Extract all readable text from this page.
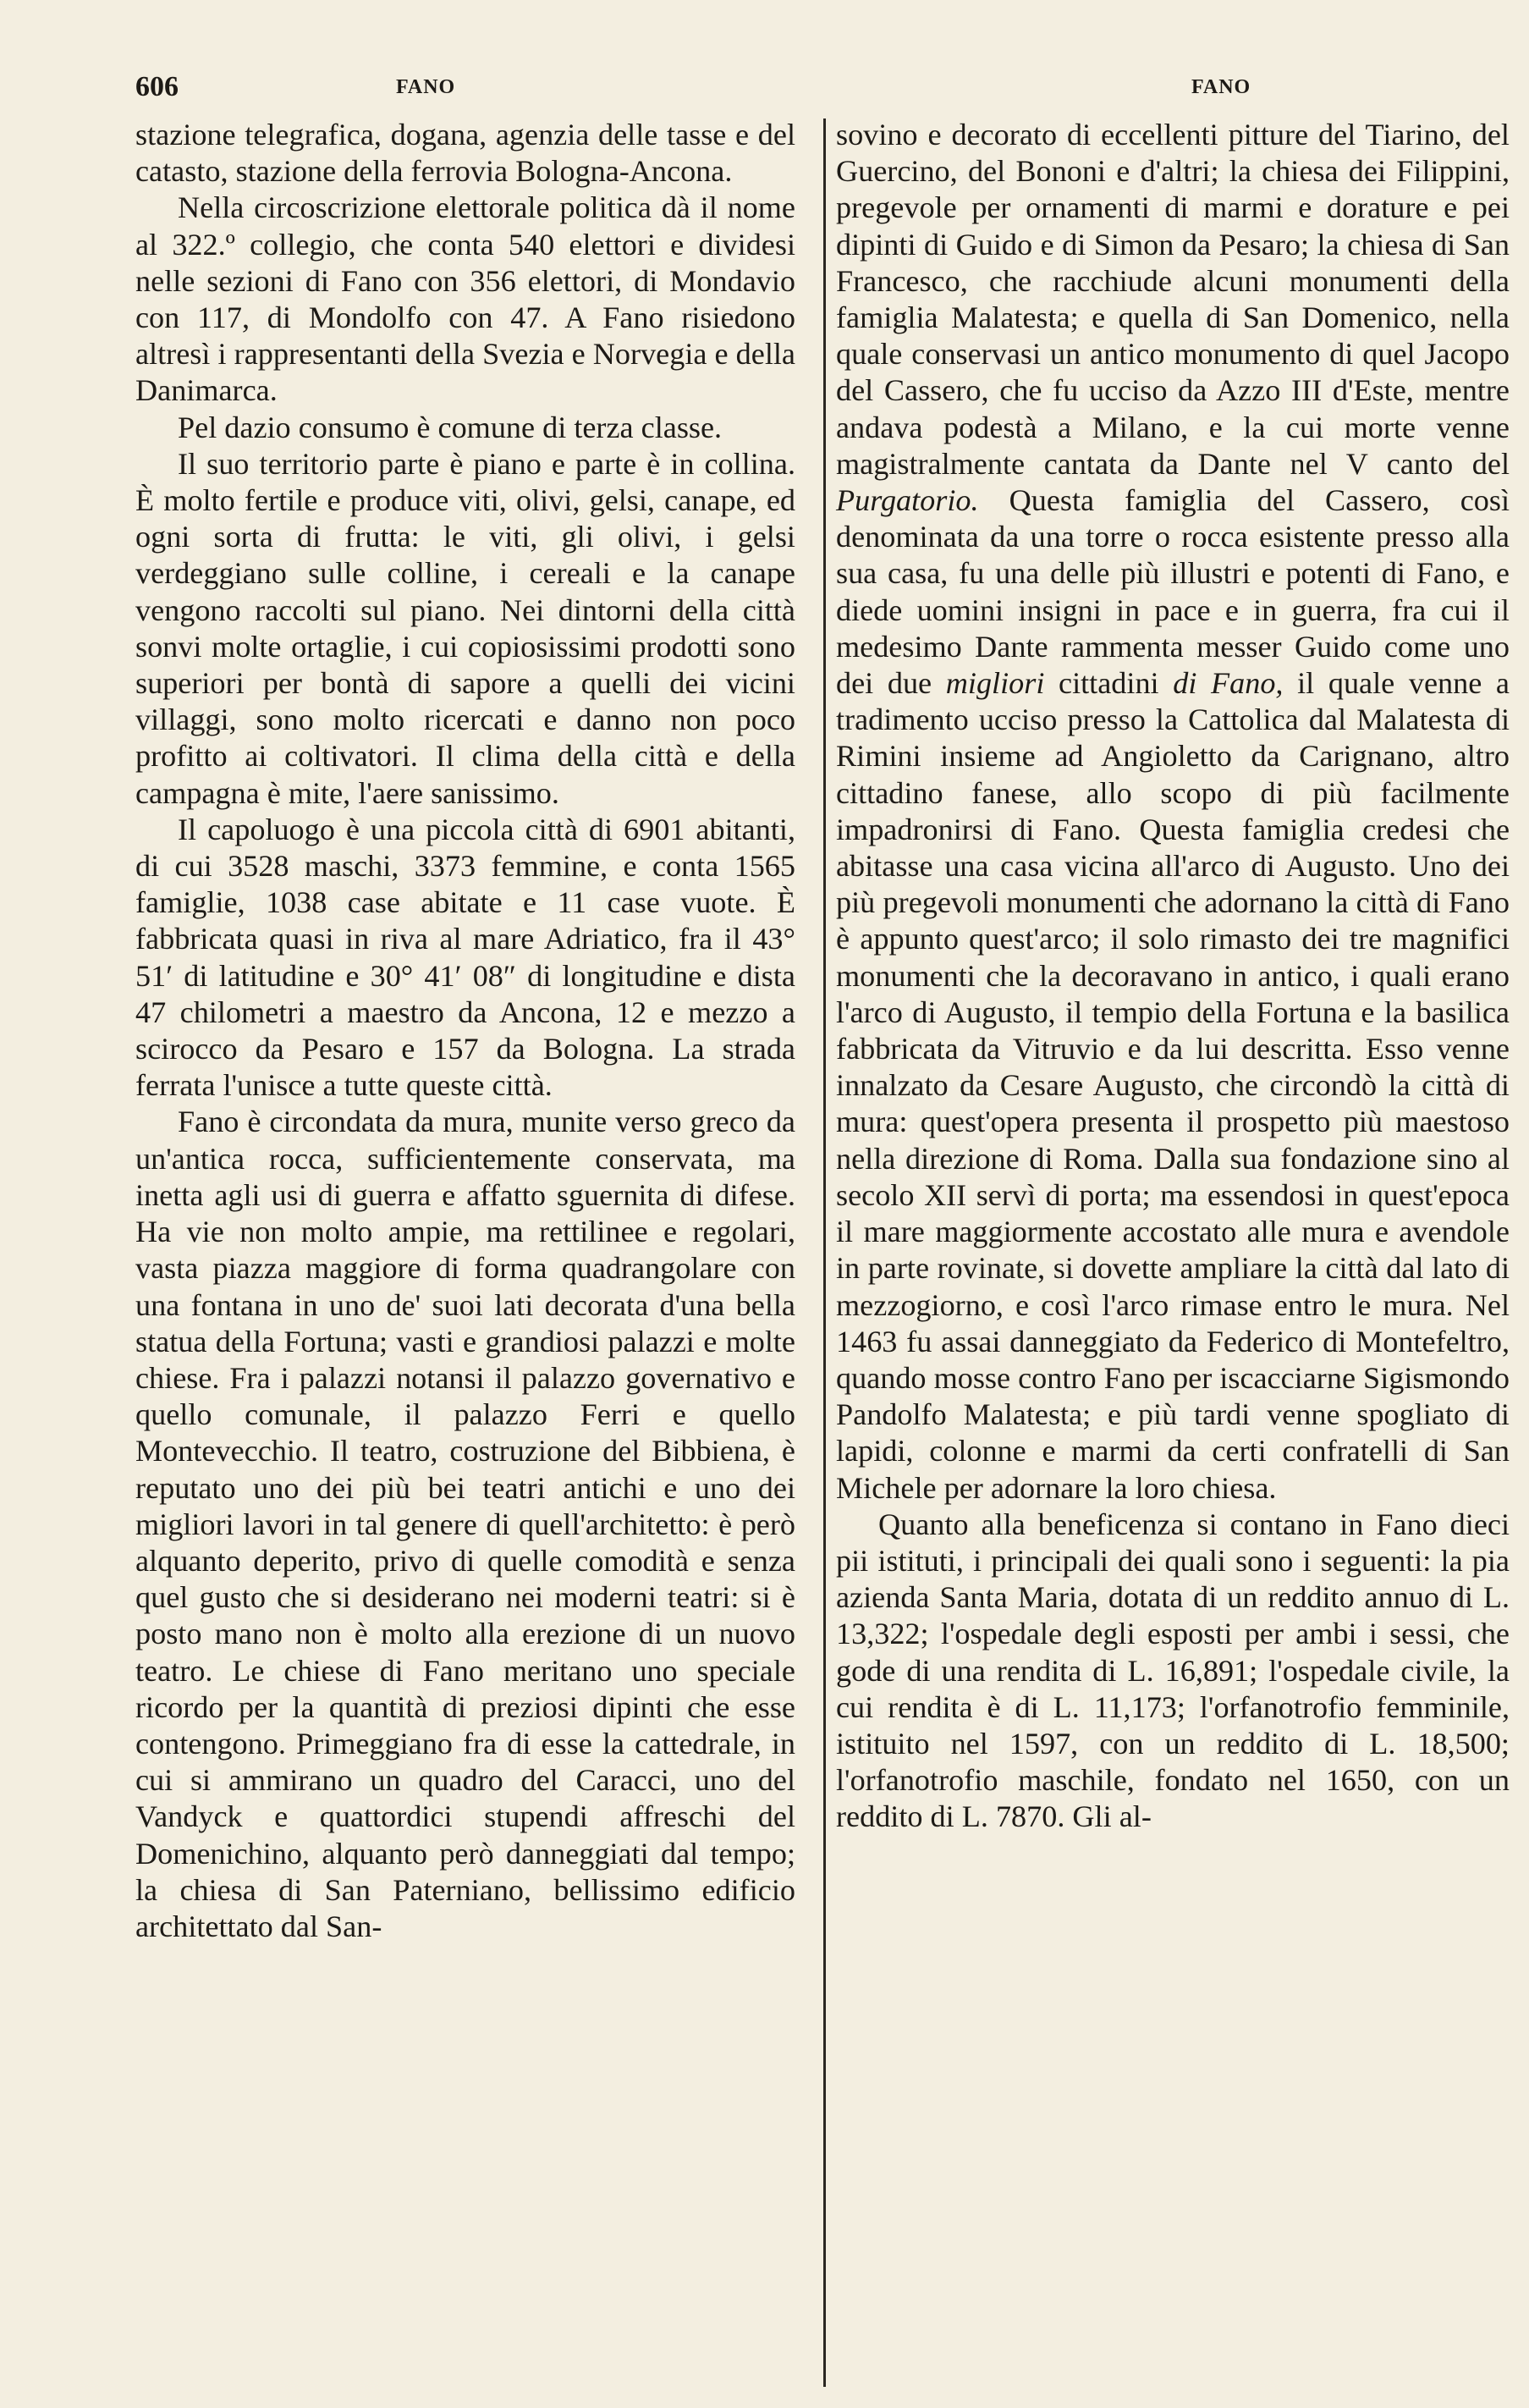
606	FANO	FANO

stazione telegrafica, dogana, agenzia delle tasse e del catasto, stazione della ferrovia Bologna-Ancona.

Nella circoscrizione elettorale politica dà il nome al 322.º collegio, che conta 540 elettori e dividesi nelle sezioni di Fano con 356 elettori, di Mondavio con 117, di Mondolfo con 47. A Fano risiedono altresì i rappresentanti della Svezia e Norvegia e della Danimarca.

Pel dazio consumo è comune di terza classe.

Il suo territorio parte è piano e parte è in collina. È molto fertile e produce viti, olivi, gelsi, canape, ed ogni sorta di frutta: le viti, gli olivi, i gelsi verdeggiano sulle colline, i cereali e la canape vengono raccolti sul piano. Nei dintorni della città sonvi molte ortaglie, i cui copiosissimi prodotti sono superiori per bontà di sapore a quelli dei vicini villaggi, sono molto ricercati e danno non poco profitto ai coltivatori. Il clima della città e della campagna è mite, l'aere sanissimo.

Il capoluogo è una piccola città di 6901 abitanti, di cui 3528 maschi, 3373 femmine, e conta 1565 famiglie, 1038 case abitate e 11 case vuote. È fabbricata quasi in riva al mare Adriatico, fra il 43° 51′ di latitudine e 30° 41′ 08″ di longitudine e dista 47 chilometri a maestro da Ancona, 12 e mezzo a scirocco da Pesaro e 157 da Bologna. La strada ferrata l'unisce a tutte queste città.

Fano è circondata da mura, munite verso greco da un'antica rocca, sufficientemente conservata, ma inetta agli usi di guerra e affatto sguernita di difese. Ha vie non molto ampie, ma rettilinee e regolari, vasta piazza maggiore di forma quadrangolare con una fontana in uno de' suoi lati decorata d'una bella statua della Fortuna; vasti e grandiosi palazzi e molte chiese. Fra i palazzi notansi il palazzo governativo e quello comunale, il palazzo Ferri e quello Montevecchio. Il teatro, costruzione del Bibbiena, è reputato uno dei più bei teatri antichi e uno dei migliori lavori in tal genere di quell'architetto: è però alquanto deperito, privo di quelle comodità e senza quel gusto che si desiderano nei moderni teatri: si è posto mano non è molto alla erezione di un nuovo teatro. Le chiese di Fano meritano uno speciale ricordo per la quantità di preziosi dipinti che esse contengono. Primeggiano fra di esse la cattedrale, in cui si ammirano un quadro del Caracci, uno del Vandyck e quattordici stupendi affreschi del Domenichino, alquanto però danneggiati dal tempo; la chiesa di San Paterniano, bellissimo edificio architettato dal San-

sovino e decorato di eccellenti pitture del Tiarino, del Guercino, del Bononi e d'altri; la chiesa dei Filippini, pregevole per ornamenti di marmi e dorature e pei dipinti di Guido e di Simon da Pesaro; la chiesa di San Francesco, che racchiude alcuni monumenti della famiglia Malatesta; e quella di San Domenico, nella quale conservasi un antico monumento di quel Jacopo del Cassero, che fu ucciso da Azzo III d'Este, mentre andava podestà a Milano, e la cui morte venne magistralmente cantata da Dante nel V canto del Purgatorio. Questa famiglia del Cassero, così denominata da una torre o rocca esistente presso alla sua casa, fu una delle più illustri e potenti di Fano, e diede uomini insigni in pace e in guerra, fra cui il medesimo Dante rammenta messer Guido come uno dei due migliori cittadini di Fano, il quale venne a tradimento ucciso presso la Cattolica dal Malatesta di Rimini insieme ad Angioletto da Carignano, altro cittadino fanese, allo scopo di più facilmente impadronirsi di Fano. Questa famiglia credesi che abitasse una casa vicina all'arco di Augusto. Uno dei più pregevoli monumenti che adornano la città di Fano è appunto quest'arco; il solo rimasto dei tre magnifici monumenti che la decoravano in antico, i quali erano l'arco di Augusto, il tempio della Fortuna e la basilica fabbricata da Vitruvio e da lui descritta. Esso venne innalzato da Cesare Augusto, che circondò la città di mura: quest'opera presenta il prospetto più maestoso nella direzione di Roma. Dalla sua fondazione sino al secolo XII servì di porta; ma essendosi in quest'epoca il mare maggiormente accostato alle mura e avendole in parte rovinate, si dovette ampliare la città dal lato di mezzogiorno, e così l'arco rimase entro le mura. Nel 1463 fu assai danneggiato da Federico di Montefeltro, quando mosse contro Fano per iscacciarne Sigismondo Pandolfo Malatesta; e più tardi venne spogliato di lapidi, colonne e marmi da certi confratelli di San Michele per adornare la loro chiesa.

Quanto alla beneficenza si contano in Fano dieci pii istituti, i principali dei quali sono i seguenti: la pia azienda Santa Maria, dotata di un reddito annuo di L. 13,322; l'ospedale degli esposti per ambi i sessi, che gode di una rendita di L. 16,891; l'ospedale civile, la cui rendita è di L. 11,173; l'orfanotrofio femminile, istituito nel 1597, con un reddito di L. 18,500; l'orfanotrofio maschile, fondato nel 1650, con un reddito di L. 7870. Gli al-
